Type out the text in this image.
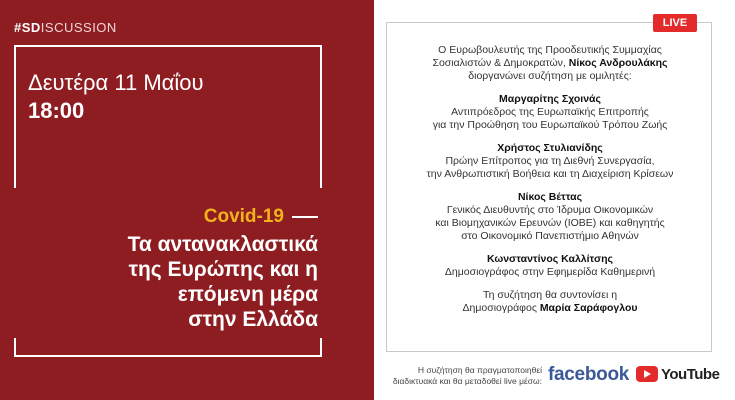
#SDISCUSSION
Δευτέρα 11 Μαΐου
18:00
Covid-19
Τα αντανακλαστικά
της Ευρώπης και η
επόμενη μέρα
στην Ελλάδα
LIVE
Ο Ευρωβουλευτής της Προοδευτικής Συμμαχίας
Σοσιαλιστών & Δημοκρατών, Νίκος Ανδρουλάκης
διοργανώνει συζήτηση με ομιλητές:
Μαργαρίτης Σχοινάς
Αντιπρόεδρος της Ευρωπαϊκής Επιτροπής
για την Προώθηση του Ευρωπαϊκού Τρόπου Ζωής
Χρήστος Στυλιανίδης
Πρώην Επίτροπος για τη Διεθνή Συνεργασία,
την Ανθρωπιστική Βοήθεια και τη Διαχείριση Κρίσεων
Νίκος Βέττας
Γενικός Διευθυντής στο Ίδρυμα Οικονομικών
και Βιομηχανικών Ερευνών (ΙΟΒΕ) και καθηγητής
στο Οικονομικό Πανεπιστήμιο Αθηνών
Κωνσταντίνος Καλλίτσης
Δημοσιογράφος στην Εφημερίδα Καθημερινή
Τη συζήτηση θα συντονίσει η
Δημοσιογράφος Μαρία Σαράφογλου
Η συζήτηση θα πραγματοποιηθεί
διαδικτυακά και θα μεταδοθεί live μέσω: facebook YouTube
